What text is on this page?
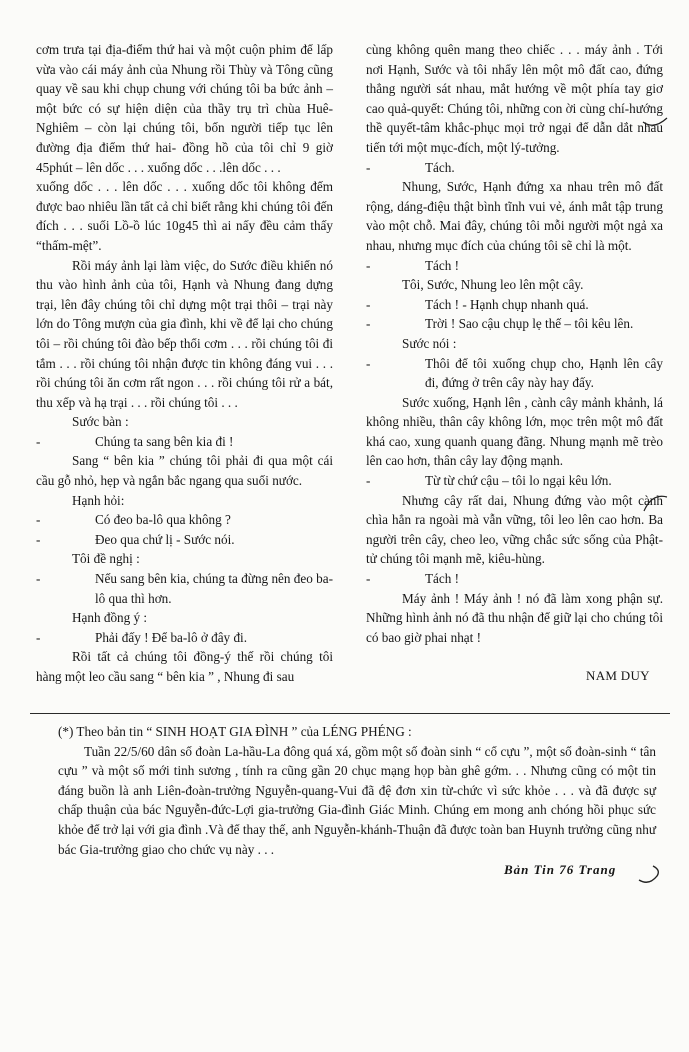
cơm trưa tại địa-điểm thứ hai và một cuộn phim để lấp vừa vào cái máy ảnh của Nhung rồi Thùy và Tông cũng quay về sau khi chụp chung với chúng tôi ba bức ảnh – một bức có sự hiện diện của thầy trụ trì chùa Huê-Nghiêm – còn lại chúng tôi, bốn người tiếp tục lên đường địa điểm thứ hai- đồng hồ của tôi chỉ 9 giờ 45phút – lên dốc . . . xuống dốc . . .lên dốc . . .

xuống dốc . . . lên dốc . . . xuống dốc tôi không đếm được bao nhiêu lần tất cả chỉ biết rằng khi chúng tôi đến đích . . . suối Lồ-ồ lúc 10g45 thì ai nấy đều cảm thấy “thấm-mệt”.

Rồi máy ảnh lại làm việc, do Sước điều khiển nó thu vào hình ảnh của tôi, Hạnh và Nhung đang dựng trại, lên đây chúng tôi chỉ dựng một trại thôi – trại này lớn do Tông mượn của gia đình, khi về để lại cho chúng tôi – rồi chúng tôi đào bếp thổi cơm . . . rồi chúng tôi đi tắm . . . rồi chúng tôi nhận được tin không đáng vui . . . rồi chúng tôi ăn cơm rất ngon . . . rồi chúng tôi rử a bát, thu xếp và hạ trại . . . rồi chúng tôi . . .

Sước bàn :

-	Chúng ta sang bên kia đi !

Sang “ bên kia ” chúng tôi phải đi qua một cái cầu gỗ nhỏ, hẹp và ngắn bắc ngang qua suối nước.

Hạnh hỏi:

-	Có đeo ba-lô qua không ?

-	Đeo qua chứ lị - Sước nói.

Tôi đề nghị :

-	Nếu sang bên kia, chúng ta đừng nên đeo ba-lô qua thì hơn.

Hạnh đồng ý :

-	Phải đấy ! Để ba-lô ở đây đi.

Rồi tất cả chúng tôi đồng-ý thế rồi chúng tôi hàng một leo cầu sang “ bên kia ” , Nhung đi sau

cùng không quên mang theo chiếc . . . máy ảnh . Tới nơi Hạnh, Sước và tôi nhẩy lên một mô đất cao, đứng thẳng người sát nhau, mắt hướng về một phía tay giơ cao quả-quyết: Chúng tôi, những con ời cùng chí-hướng thề quyết-tâm khắc-phục mọi trở ngại để dẫn dắt nhau tiến tới một mục-đích, một lý-tưởng.

-	Tách.

Nhung, Sước, Hạnh đứng xa nhau trên mô đất rộng, dáng-điệu thật bình tĩnh vui vẻ, ánh mắt tập trung vào một chỗ. Mai đây, chúng tôi mỗi người một ngả xa nhau, nhưng mục đích của chúng tôi sẽ chỉ là một.

-	Tách !

Tôi, Sước, Nhung leo lên một cây.

-	Tách ! - Hạnh chụp nhanh quá.

-	Trời ! Sao cậu chụp lẹ thế – tôi kêu lên.

Sước nói :

-	Thôi để tôi xuống chụp cho, Hạnh lên cây đi, đứng ở trên cây này hay đấy.

Sước xuống, Hạnh lên , cành cây mảnh khảnh, lá không nhiều, thân cây không lớn, mọc trên một mô đất khá cao, xung quanh quang đãng. Nhung mạnh mẽ trèo lên cao hơn, thân cây lay động mạnh.

-	Từ từ chứ cậu – tôi lo ngại kêu lớn.

Nhưng cây rất dai, Nhung đứng vào một cành chìa hẳn ra ngoài mà vẫn vững, tôi leo lên cao hơn. Ba người trên cây, cheo leo, vững chắc sức sống của Phật-tử chúng tôi mạnh mẽ, kiêu-hùng.

-	Tách !

Máy ảnh ! Máy ảnh ! nó đã làm xong phận sự. Những hình ảnh nó đã thu nhận để giữ lại cho chúng tôi có bao giờ phai nhạt !

NAM DUY

(*) Theo bản tin “ SINH HOẠT GIA ĐÌNH ” của LÉNG PHÉNG :

Tuần 22/5/60 dân số đoàn La-hầu-La đông quá xá, gồm một số đoàn sinh “ cổ cựu ”, một số đoàn-sinh “ tân cựu ” và một số mới tinh sương , tính ra cũng gần 20 chục mạng họp bàn ghê gớm. . . Nhưng cũng có một tin đáng buồn là anh Liên-đoàn-trưởng Nguyễn-quang-Vui đã đệ đơn xin từ-chức vì sức khỏe . . . và đã được sự chấp thuận của bác Nguyễn-đức-Lợi gia-trưởng Gia-đình Giác Minh. Chúng em mong anh chóng hồi phục sức khỏe để trở lại với gia đình .Và để thay thế, anh Nguyễn-khánh-Thuận đã được toàn ban Huynh trưởng cũng như bác Gia-trưởng giao cho chức vụ này . . .

Bản Tin 76 Trang
